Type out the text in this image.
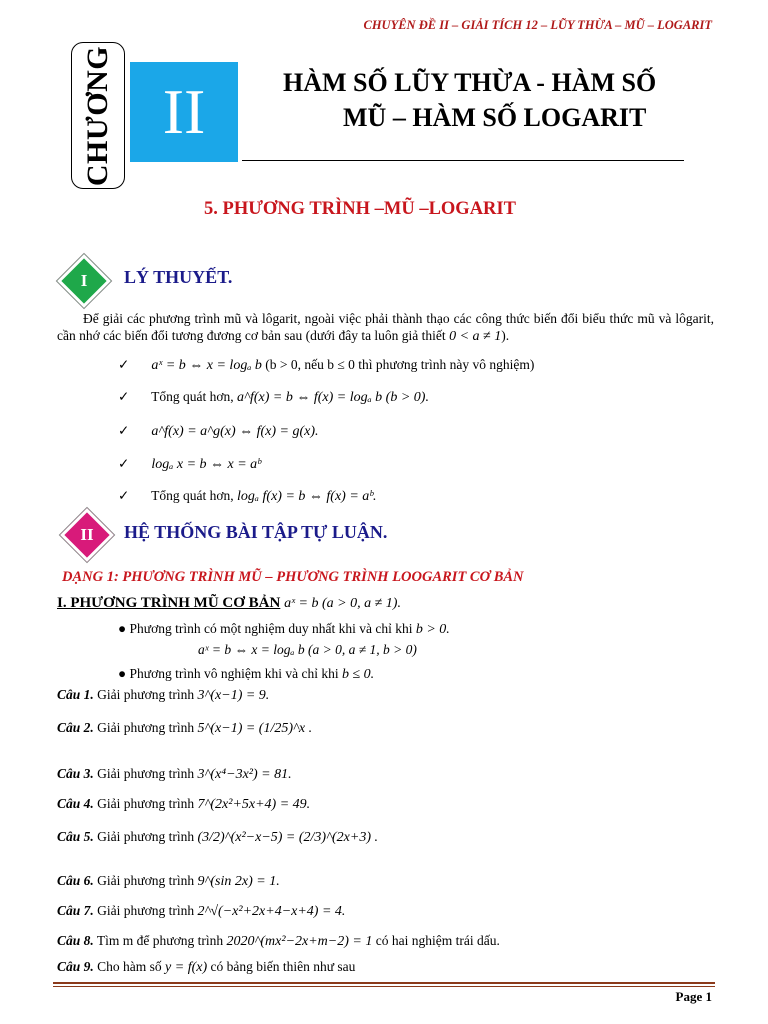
CHUYÊN ĐỀ II – GIẢI TÍCH 12 – LŨY THỪA – MŨ – LOGARIT
CHƯƠNG II	HÀM SỐ LŨY THỪA - HÀM SỐ
MŨ – HÀM SỐ LOGARIT
5. PHƯƠNG TRÌNH –MŨ –LOGARIT
I	LÝ THUYẾT.
Để giải các phương trình mũ và lôgarit, ngoài việc phải thành thạo các công thức biến đổi biểu thức mũ và lôgarit, cần nhớ các biến đổi tương đương cơ bản sau (dưới đây ta luôn giả thiết 0 < a ≠ 1).
✓ aˣ = b ⇔ x = logₐ b (b > 0, nếu b ≤ 0 thì phương trình này vô nghiệm)
✓ Tổng quát hơn, a^f(x) = b ⇔ f(x) = logₐ b (b > 0).
✓ a^f(x) = a^g(x) ⇔ f(x) = g(x).
✓ logₐ x = b ⇔ x = aᵇ
✓ Tổng quát hơn, logₐ f(x) = b ⇔ f(x) = aᵇ.
II	HỆ THỐNG BÀI TẬP TỰ LUẬN.
DẠNG 1: PHƯƠNG TRÌNH MŨ – PHƯƠNG TRÌNH LOOGARIT CƠ BẢN
I. PHƯƠNG TRÌNH MŨ CƠ BẢN aˣ = b (a > 0, a ≠ 1).
● Phương trình có một nghiệm duy nhất khi và chỉ khi b > 0.
aˣ = b ⇔ x = logₐ b (a > 0, a ≠ 1, b > 0)
● Phương trình vô nghiệm khi và chỉ khi b ≤ 0.
Câu 1. Giải phương trình 3^(x−1) = 9.
Câu 2. Giải phương trình 5^(x−1) = (1/25)^x .
Câu 3. Giải phương trình 3^(x⁴−3x²) = 81.
Câu 4. Giải phương trình 7^(2x²+5x+4) = 49.
Câu 5. Giải phương trình (3/2)^(x²−x−5) = (2/3)^(2x+3) .
Câu 6. Giải phương trình 9^(sin 2x) = 1.
Câu 7. Giải phương trình 2^√(−x²+2x+4−x+4) = 4.
Câu 8. Tìm m để phương trình 2020^(mx²−2x+m−2) = 1 có hai nghiệm trái dấu.
Câu 9. Cho hàm số y = f(x) có bảng biến thiên như sau
Page 1
